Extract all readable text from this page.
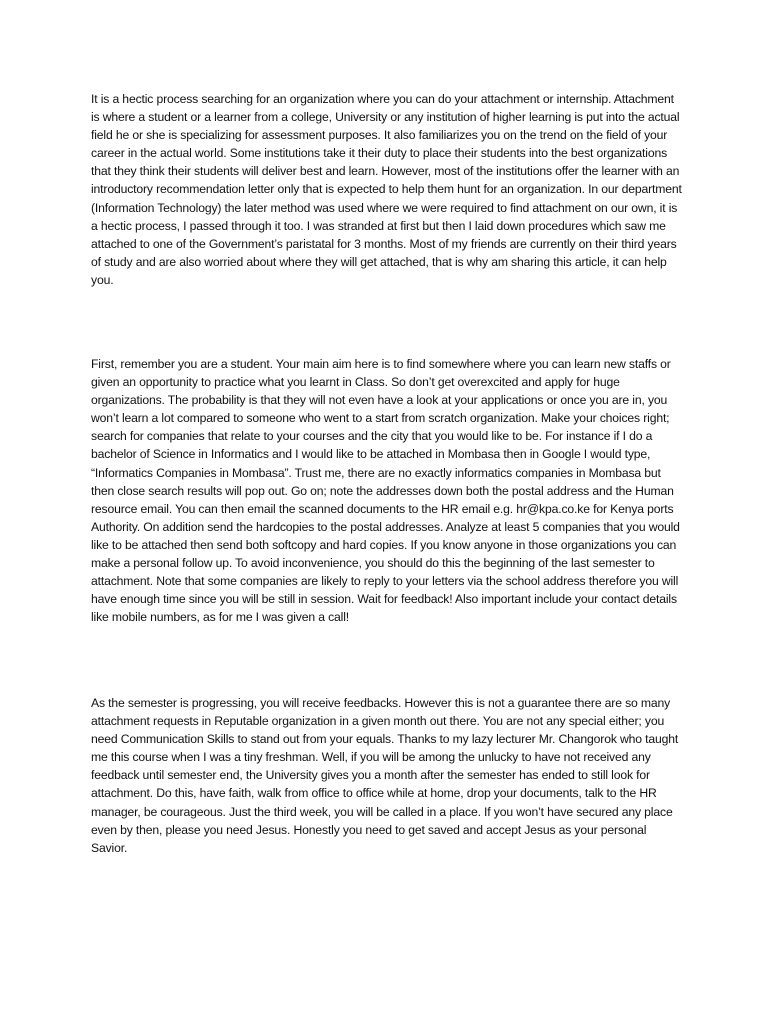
It is a hectic process searching for an organization where you can do your attachment or internship. Attachment is where a student or a learner from a college, University or any institution of higher learning is put into the actual field he or she is specializing for assessment purposes. It also familiarizes you on the trend on the field of your career in the actual world. Some institutions take it their duty to place their students into the best organizations that they think their students will deliver best and learn. However, most of the institutions offer the learner with an introductory recommendation letter only that is expected to help them hunt for an organization. In our department (Information Technology) the later method was used where we were required to find attachment on our own, it is a hectic process, I passed through it too. I was stranded at first but then I laid down procedures which saw me attached to one of the Government’s paristatal for 3 months. Most of my friends are currently on their third years of study and are also worried about where they will get attached, that is why am sharing this article, it can help you.

First, remember you are a student. Your main aim here is to find somewhere where you can learn new staffs or given an opportunity to practice what you learnt in Class. So don’t get overexcited and apply for huge organizations. The probability is that they will not even have a look at your applications or once you are in, you won’t learn a lot compared to someone who went to a start from scratch organization. Make your choices right; search for companies that relate to your courses and the city that you would like to be. For instance if I do a bachelor of Science in Informatics and I would like to be attached in Mombasa then in Google I would type, “Informatics Companies in Mombasa”. Trust me, there are no exactly informatics companies in Mombasa but then close search results will pop out. Go on; note the addresses down both the postal address and the Human resource email. You can then email the scanned documents to the HR email e.g. hr@kpa.co.ke for Kenya ports Authority. On addition send the hardcopies to the postal addresses. Analyze at least 5 companies that you would like to be attached then send both softcopy and hard copies. If you know anyone in those organizations you can make a personal follow up. To avoid inconvenience, you should do this the beginning of the last semester to attachment. Note that some companies are likely to reply to your letters via the school address therefore you will have enough time since you will be still in session. Wait for feedback! Also important include your contact details like mobile numbers, as for me I was given a call!

As the semester is progressing, you will receive feedbacks. However this is not a guarantee there are so many attachment requests in Reputable organization in a given month out there. You are not any special either; you need Communication Skills to stand out from your equals. Thanks to my lazy lecturer Mr. Changorok who taught me this course when I was a tiny freshman. Well, if you will be among the unlucky to have not received any feedback until semester end, the University gives you a month after the semester has ended to still look for attachment. Do this, have faith, walk from office to office while at home, drop your documents, talk to the HR manager, be courageous. Just the third week, you will be called in a place. If you won’t have secured any place even by then, please you need Jesus. Honestly you need to get saved and accept Jesus as your personal Savior.
